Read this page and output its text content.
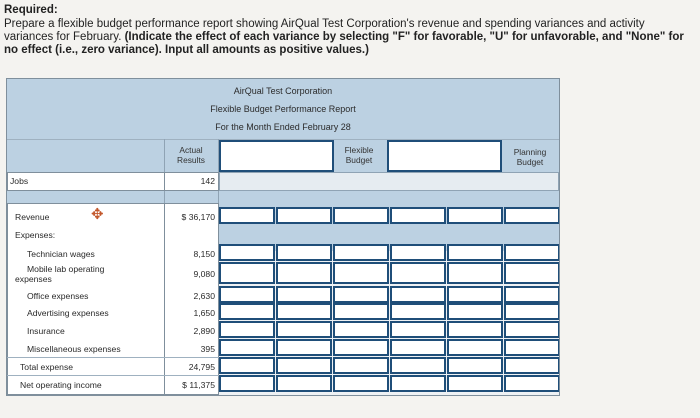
Required:
Prepare a flexible budget performance report showing AirQual Test Corporation's revenue and spending variances and activity variances for February. (Indicate the effect of each variance by selecting "F" for favorable, "U" for unfavorable, and "None" for no effect (i.e., zero variance). Input all amounts as positive values.)
AirQual Test Corporation
Flexible Budget Performance Report
For the Month Ended February 28
Actual Results
Flexible Budget
Planning Budget
Jobs	142
Revenue	✥	$ 36,170
Expenses:
Technician wages	8,150
Mobile lab operating
expenses	9,080
Office expenses	2,630
Advertising expenses	1,650
Insurance	2,890
Miscellaneous expenses	395
Total expense	24,795
Net operating income	$ 11,375
